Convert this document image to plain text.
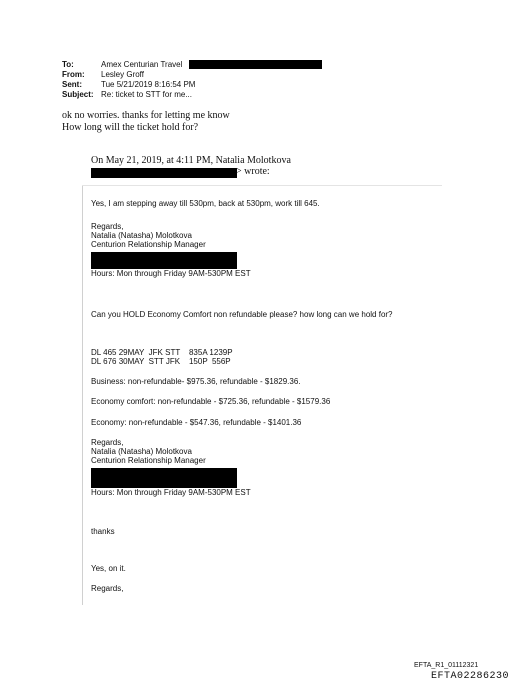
To:	Amex Centurian Travel
From: Lesley Groff
Sent: Tue 5/21/2019 8:16:54 PM
Subject: Re: ticket to STT for me...
ok no worries. thanks for letting me know
How long will the ticket hold for?
On May 21, 2019, at 4:11 PM, Natalia Molotkova
> wrote:
Yes, I am stepping away till 530pm, back at 530pm, work till 645.
Regards,
Natalia (Natasha) Molotkova
Centurion Relationship Manager
Hours: Mon through Friday 9AM-530PM EST
Can you HOLD Economy Comfort non refundable please? how long can we hold for?
DL 465 29MAY  JFK STT    835A 1239P
DL 676 30MAY  STT JFK    150P  556P
Business: non-refundable- $975.36, refundable - $1829.36.
Economy comfort: non-refundable - $725.36, refundable - $1579.36
Economy: non-refundable - $547.36, refundable - $1401.36
Regards,
Natalia (Natasha) Molotkova
Centurion Relationship Manager
Hours: Mon through Friday 9AM-530PM EST
thanks
Yes, on it.
Regards,
EFTA_R1_01112321
EFTA02286230
